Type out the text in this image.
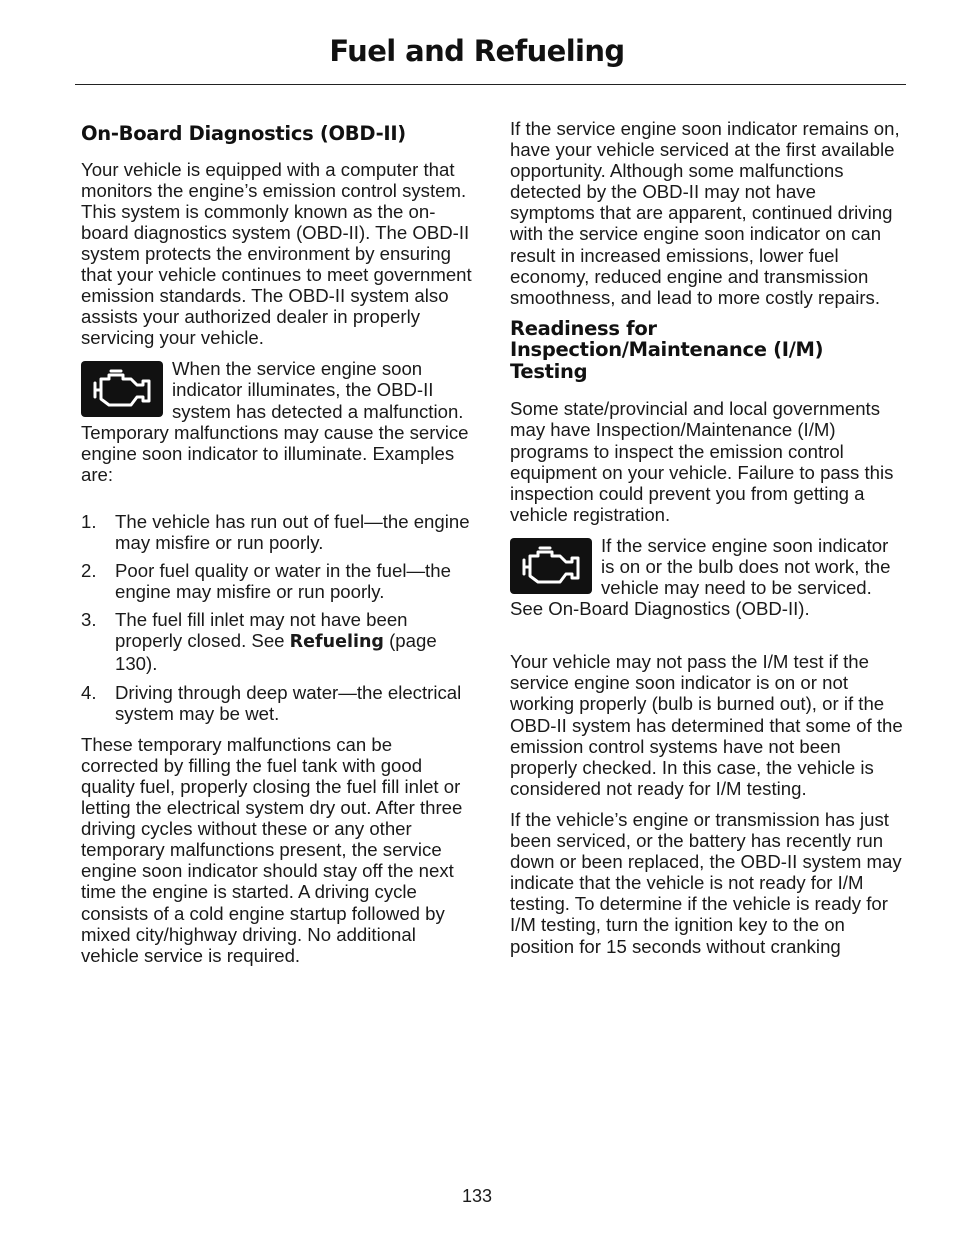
Fuel and Refueling
On-Board Diagnostics (OBD-II)

Your vehicle is equipped with a computer that monitors the engine’s emission control system. This system is commonly known as the on-board diagnostics system (OBD-II). The OBD-II system protects the environment by ensuring that your vehicle continues to meet government emission standards. The OBD-II system also assists your authorized dealer in properly servicing your vehicle.

When the service engine soon indicator illuminates, the OBD-II system has detected a malfunction. Temporary malfunctions may cause the service engine soon indicator to illuminate. Examples are:

1. The vehicle has run out of fuel—the engine may misfire or run poorly.
2. Poor fuel quality or water in the fuel—the engine may misfire or run poorly.
3. The fuel fill inlet may not have been properly closed. See Refueling (page 130).
4. Driving through deep water—the electrical system may be wet.

These temporary malfunctions can be corrected by filling the fuel tank with good quality fuel, properly closing the fuel fill inlet or letting the electrical system dry out. After three driving cycles without these or any other temporary malfunctions present, the service engine soon indicator should stay off the next time the engine is started. A driving cycle consists of a cold engine startup followed by mixed city/highway driving. No additional vehicle service is required.

If the service engine soon indicator remains on, have your vehicle serviced at the first available opportunity. Although some malfunctions detected by the OBD-II may not have symptoms that are apparent, continued driving with the service engine soon indicator on can result in increased emissions, lower fuel economy, reduced engine and transmission smoothness, and lead to more costly repairs.

Readiness for Inspection/Maintenance (I/M) Testing

Some state/provincial and local governments may have Inspection/Maintenance (I/M) programs to inspect the emission control equipment on your vehicle. Failure to pass this inspection could prevent you from getting a vehicle registration.

If the service engine soon indicator is on or the bulb does not work, the vehicle may need to be serviced. See On-Board Diagnostics (OBD-II).

Your vehicle may not pass the I/M test if the service engine soon indicator is on or not working properly (bulb is burned out), or if the OBD-II system has determined that some of the emission control systems have not been properly checked. In this case, the vehicle is considered not ready for I/M testing.

If the vehicle’s engine or transmission has just been serviced, or the battery has recently run down or been replaced, the OBD-II system may indicate that the vehicle is not ready for I/M testing. To determine if the vehicle is ready for I/M testing, turn the ignition key to the on position for 15 seconds without cranking

133
